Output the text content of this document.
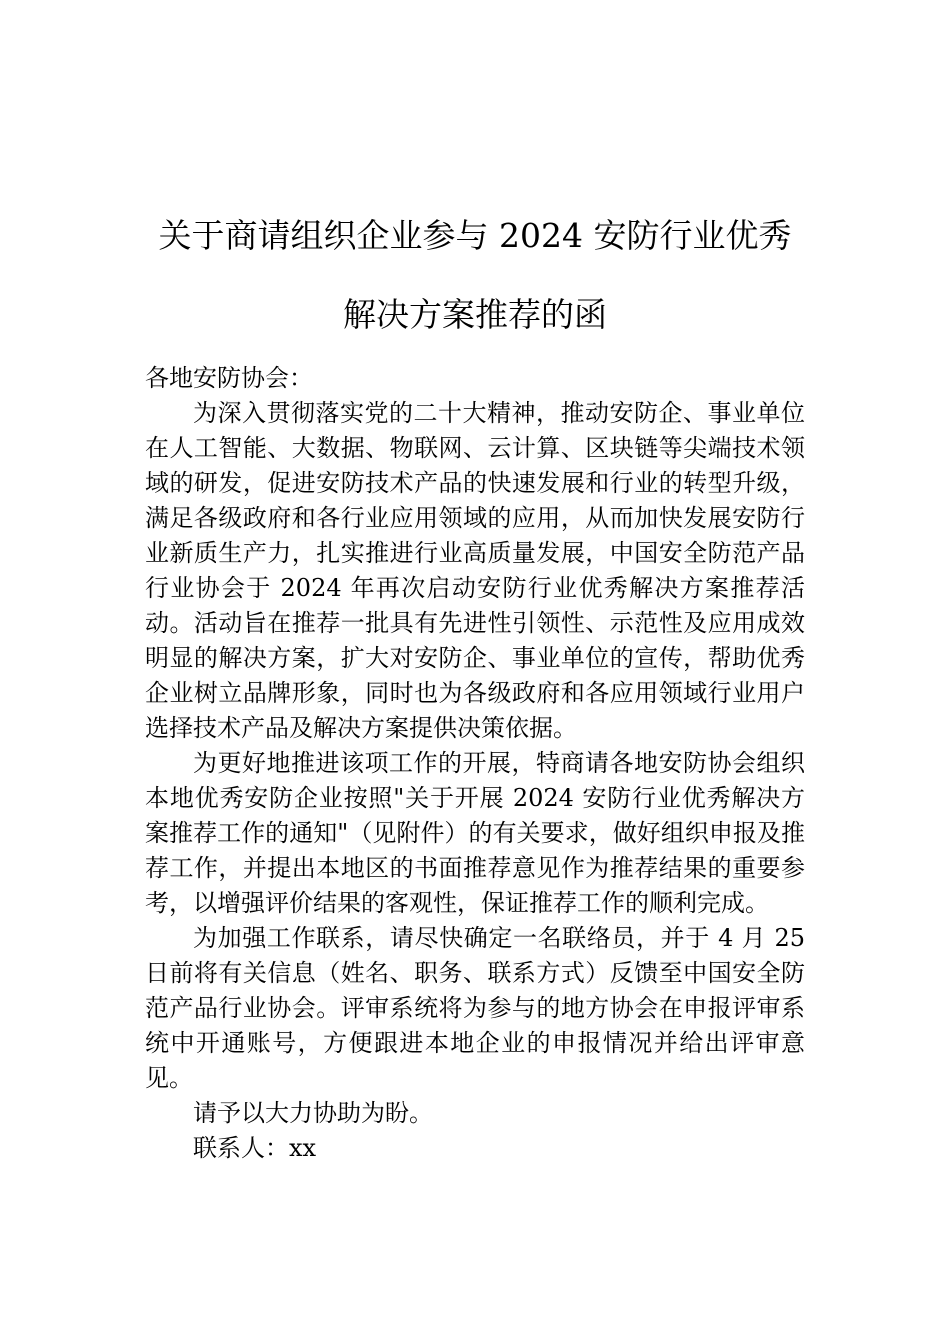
关于商请组织企业参与 2024 安防行业优秀
解决方案推荐的函

各地安防协会：

为深入贯彻落实党的二十大精神，推动安防企、事业单位在人工智能、大数据、物联网、云计算、区块链等尖端技术领域的研发，促进安防技术产品的快速发展和行业的转型升级，满足各级政府和各行业应用领域的应用，从而加快发展安防行业新质生产力，扎实推进行业高质量发展，中国安全防范产品行业协会于 2024 年再次启动安防行业优秀解决方案推荐活动。活动旨在推荐一批具有先进性引领性、示范性及应用成效明显的解决方案，扩大对安防企、事业单位的宣传，帮助优秀企业树立品牌形象，同时也为各级政府和各应用领域行业用户选择技术产品及解决方案提供决策依据。

为更好地推进该项工作的开展，特商请各地安防协会组织本地优秀安防企业按照"关于开展 2024 安防行业优秀解决方案推荐工作的通知"（见附件）的有关要求，做好组织申报及推荐工作，并提出本地区的书面推荐意见作为推荐结果的重要参考，以增强评价结果的客观性，保证推荐工作的顺利完成。

为加强工作联系，请尽快确定一名联络员，并于 4 月 25 日前将有关信息（姓名、职务、联系方式）反馈至中国安全防范产品行业协会。评审系统将为参与的地方协会在申报评审系统中开通账号，方便跟进本地企业的申报情况并给出评审意见。

请予以大力协助为盼。

联系人：xx
